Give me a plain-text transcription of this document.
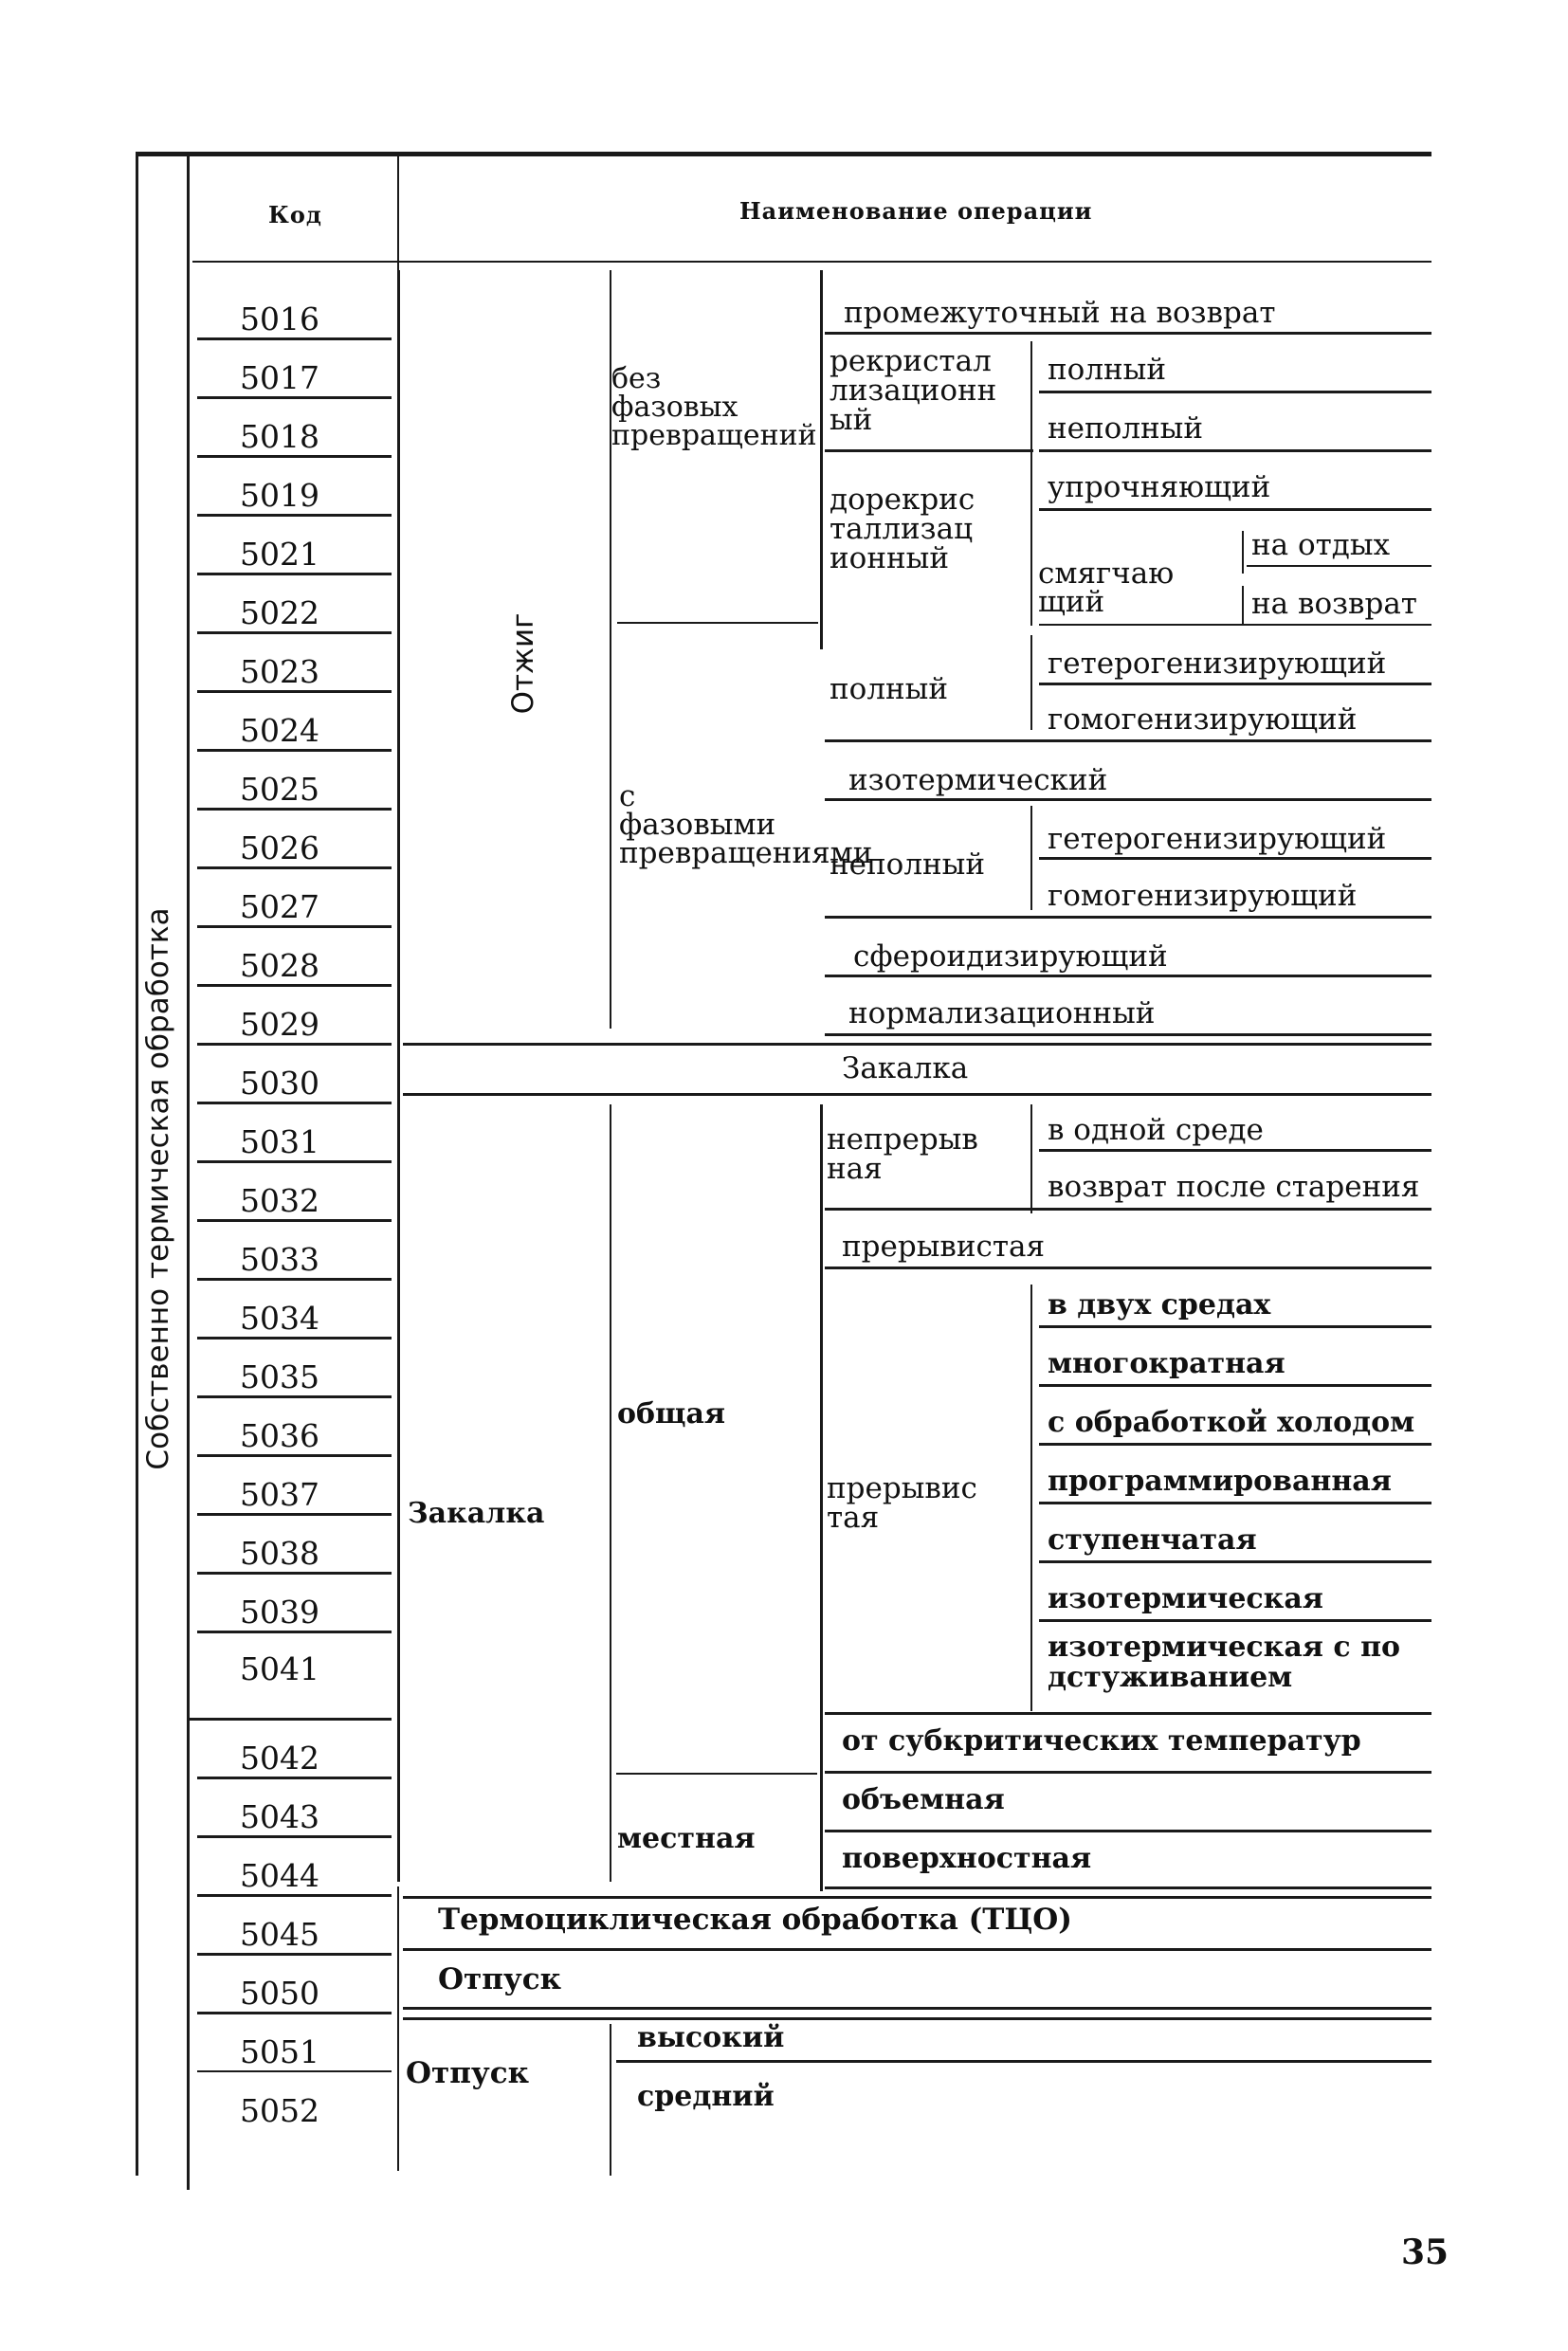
Код	Наименование операции
Собственно термическая обработка
5016
5017
5018
5019
5021
5022
5023
5024
5025
5026
5027
5028
5029
5030
5031
5032
5033
5034
5035
5036
5037
5038
5039
5041
5042
5043
5044
5045
5050
5051
5052
Отжиг
без фазовых превращений
промежуточный на возврат
рекристаллизационный
полный
неполный
дорекристаллизационный
упрочняющий
смягчающий
на отдых
на возврат
с фазовыми превращениями
полный
гетерогенизирующий
гомогенизирующий
изотермический
неполный
гетерогенизирующий
гомогенизирующий
сфероидизирующий
нормализационный
Закалка
Закалка
общая
непрерывная
в одной среде
возврат после старения
прерывистая
прерывистая
в двух средах
многократная
с обработкой холодом
программированная
ступенчатая
изотермическая
изотермическая с подстуживанием
от субкритических температур
местная
объемная
поверхностная
Термоциклическая обработка (ТЦО)
Отпуск
Отпуск
высокий
средний
35
